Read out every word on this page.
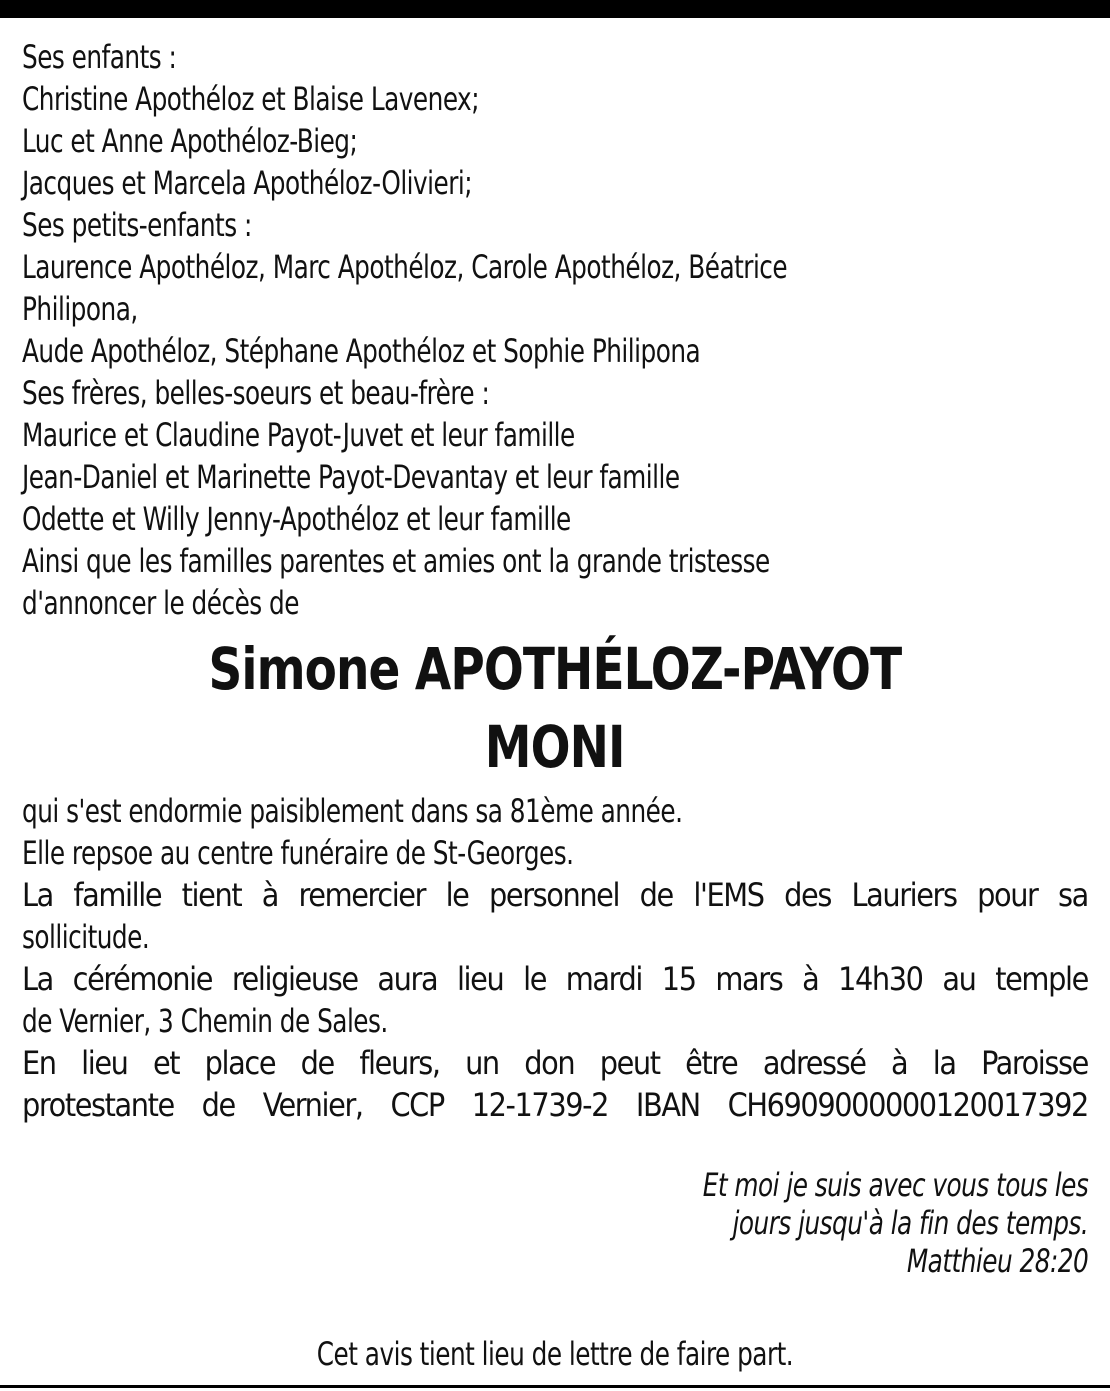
Ses enfants :
Christine Apothéloz et Blaise Lavenex;
Luc et Anne Apothéloz-Bieg;
Jacques et Marcela Apothéloz-Olivieri;
Ses petits-enfants :
Laurence Apothéloz, Marc Apothéloz, Carole Apothéloz, Béatrice
Philipona,
Aude Apothéloz, Stéphane Apothéloz et Sophie Philipona
Ses frères, belles-soeurs et beau-frère :
Maurice et Claudine Payot-Juvet et leur famille
Jean-Daniel et Marinette Payot-Devantay et leur famille
Odette et Willy Jenny-Apothéloz et leur famille
Ainsi que les familles parentes et amies ont la grande tristesse
d'annoncer le décès de
Simone APOTHÉLOZ-PAYOT
MONI
qui s'est endormie paisiblement dans sa 81ème année.
Elle repsoe au centre funéraire de St-Georges.
La famille tient à remercier le personnel de l'EMS des Lauriers pour sa
sollicitude.
La cérémonie religieuse aura lieu le mardi 15 mars à 14h30 au temple
de Vernier, 3 Chemin de Sales.
En lieu et place de fleurs, un don peut être adressé à la Paroisse
protestante de Vernier, CCP 12-1739-2 IBAN CH6909000000120017392
Et moi je suis avec vous tous les
jours jusqu'à la fin des temps.
Matthieu 28:20
Cet avis tient lieu de lettre de faire part.
